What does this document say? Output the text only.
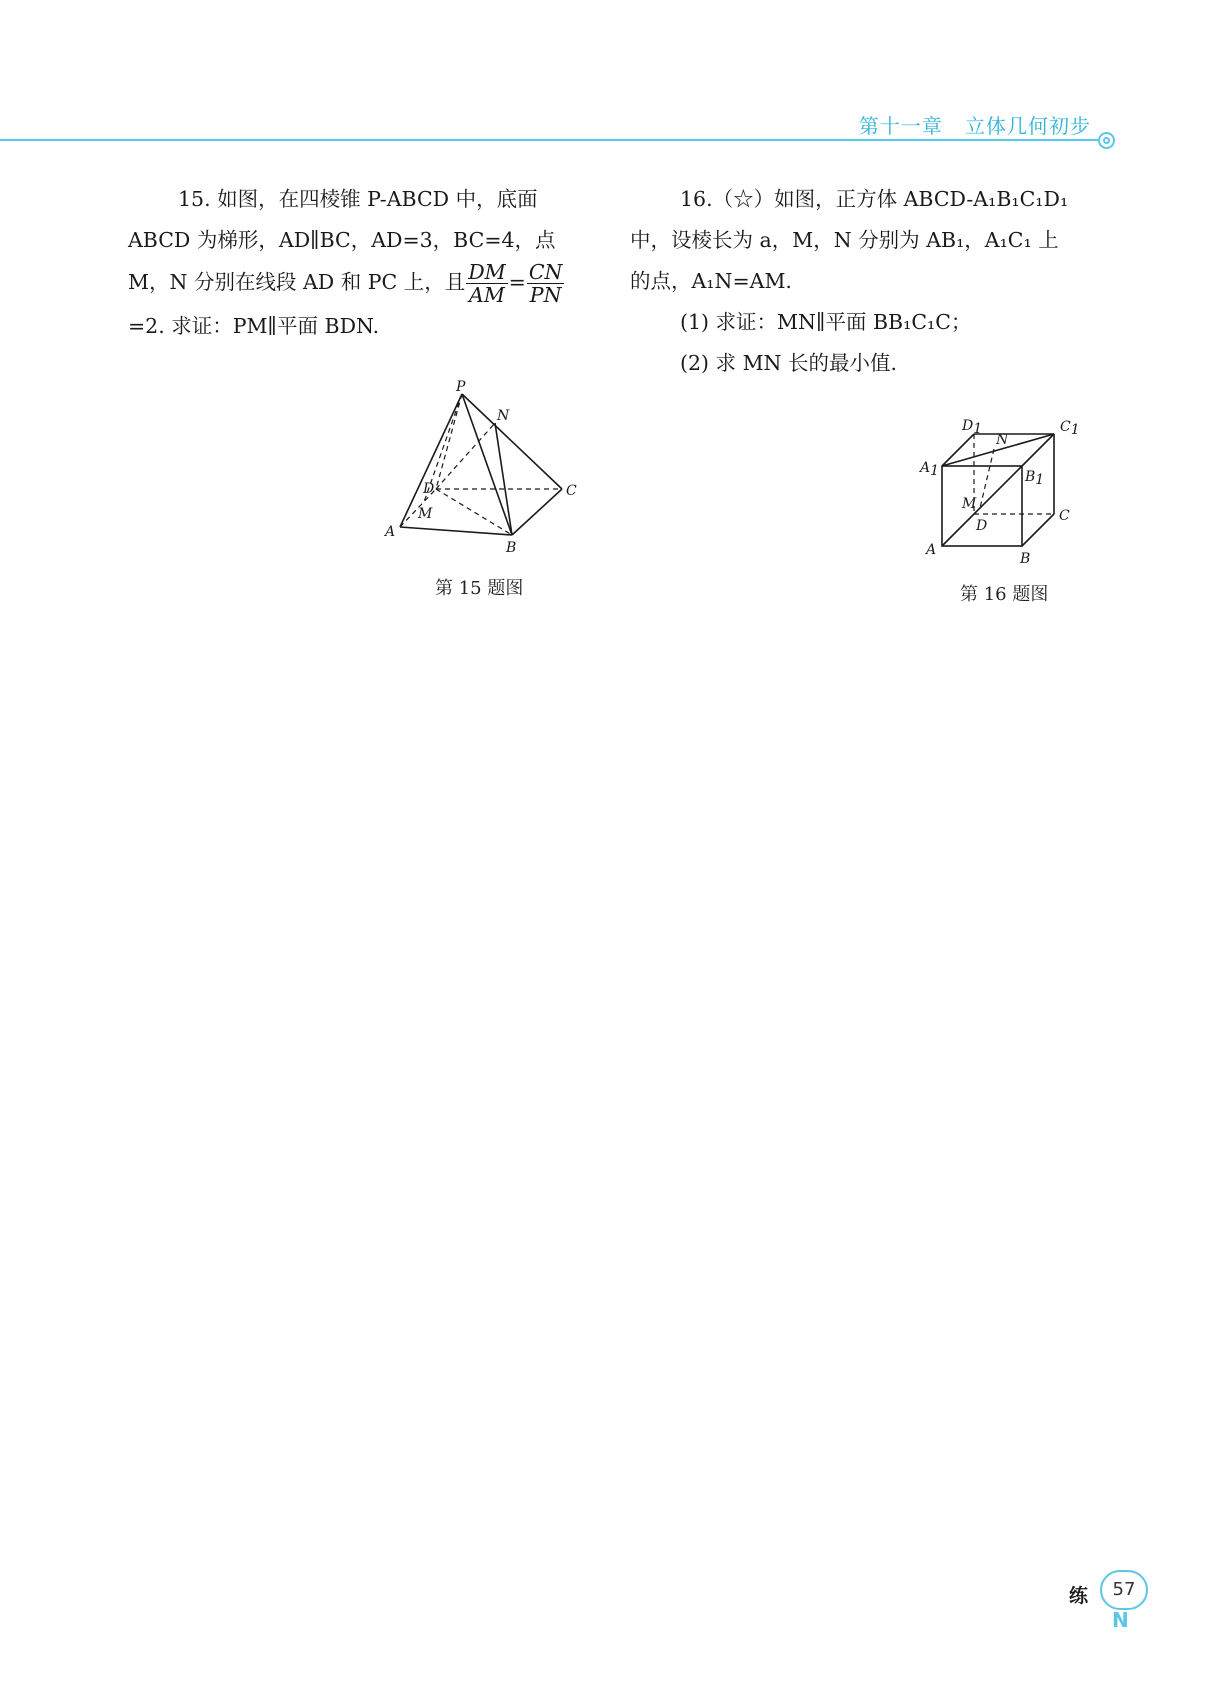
第十一章 立体几何初步

15. 如图，在四棱锥 P-ABCD 中，底面

ABCD 为梯形，AD∥BC，AD=3，BC=4，点

M，N 分别在线段 AD 和 PC 上，且 $\frac{DM}{AM} = \frac{CN}{PN}$

=2. 求证：PM∥平面 BDN.

16.（☆）如图，正方体 ABCD-A₁B₁C₁D₁

中，设棱长为 a，M，N 分别为 AB₁，A₁C₁ 上

的点，A₁N=AM.

(1) 求证：MN∥平面 BB₁C₁C；

(2) 求 MN 长的最小值.

P
N
D	C
A
M
B
第 15 题图
D1
N
C1
A1	B1
M
D
C
A
B
第 16 题图
练	57
N
